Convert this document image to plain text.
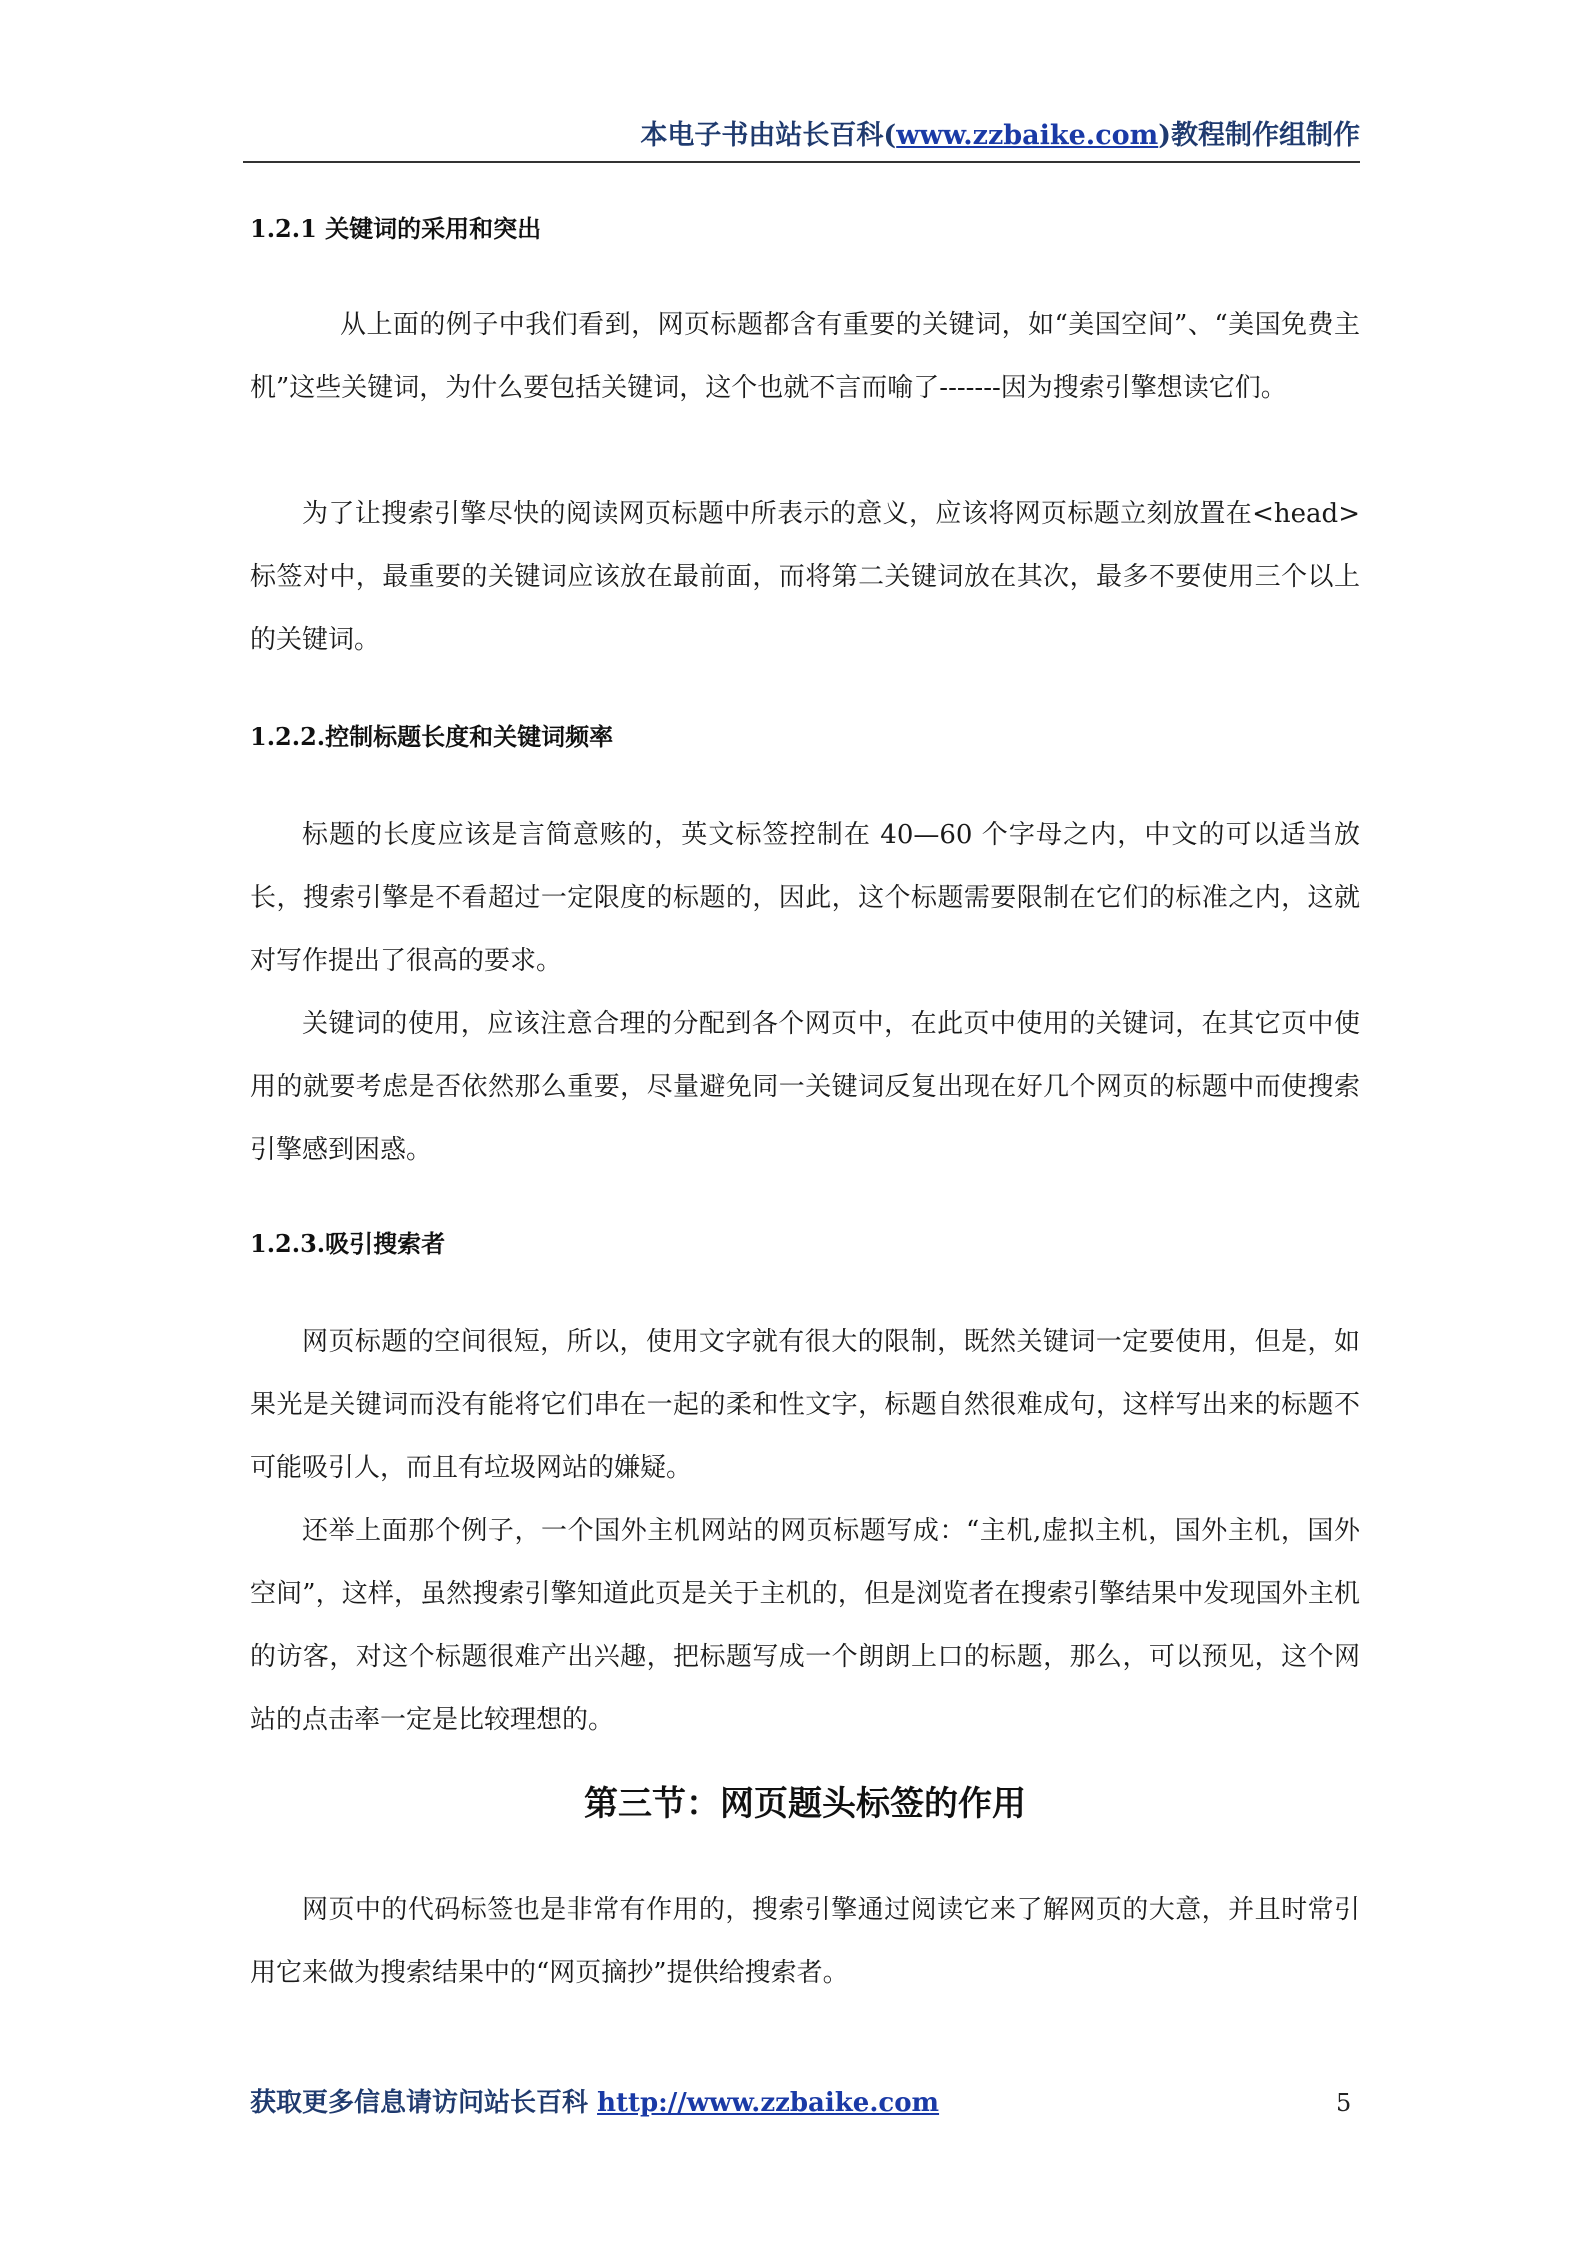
本电子书由站长百科(www.zzbaike.com)教程制作组制作
1.2.1 关键词的采用和突出

从上面的例子中我们看到，网页标题都含有重要的关键词，如“美国空间”、“美国免费主机”这些关键词，为什么要包括关键词，这个也就不言而喻了-------因为搜索引擎想读它们。

为了让搜索引擎尽快的阅读网页标题中所表示的意义，应该将网页标题立刻放置在<head>标签对中，最重要的关键词应该放在最前面，而将第二关键词放在其次，最多不要使用三个以上的关键词。

1.2.2.控制标题长度和关键词频率

标题的长度应该是言简意赅的，英文标签控制在 40—60 个字母之内，中文的可以适当放长，搜索引擎是不看超过一定限度的标题的，因此，这个标题需要限制在它们的标准之内，这就对写作提出了很高的要求。

关键词的使用，应该注意合理的分配到各个网页中，在此页中使用的关键词，在其它页中使用的就要考虑是否依然那么重要，尽量避免同一关键词反复出现在好几个网页的标题中而使搜索引擎感到困惑。

1.2.3.吸引搜索者

网页标题的空间很短，所以，使用文字就有很大的限制，既然关键词一定要使用，但是，如果光是关键词而没有能将它们串在一起的柔和性文字，标题自然很难成句，这样写出来的标题不可能吸引人，而且有垃圾网站的嫌疑。

还举上面那个例子，一个国外主机网站的网页标题写成：“主机,虚拟主机，国外主机，国外空间”，这样，虽然搜索引擎知道此页是关于主机的，但是浏览者在搜索引擎结果中发现国外主机的访客，对这个标题很难产出兴趣，把标题写成一个朗朗上口的标题，那么，可以预见，这个网站的点击率一定是比较理想的。

第三节：网页题头标签的作用

网页中的代码标签也是非常有作用的，搜索引擎通过阅读它来了解网页的大意，并且时常引用它来做为搜索结果中的“网页摘抄”提供给搜索者。

获取更多信息请访问站长百科 http://www.zzbaike.com	5
